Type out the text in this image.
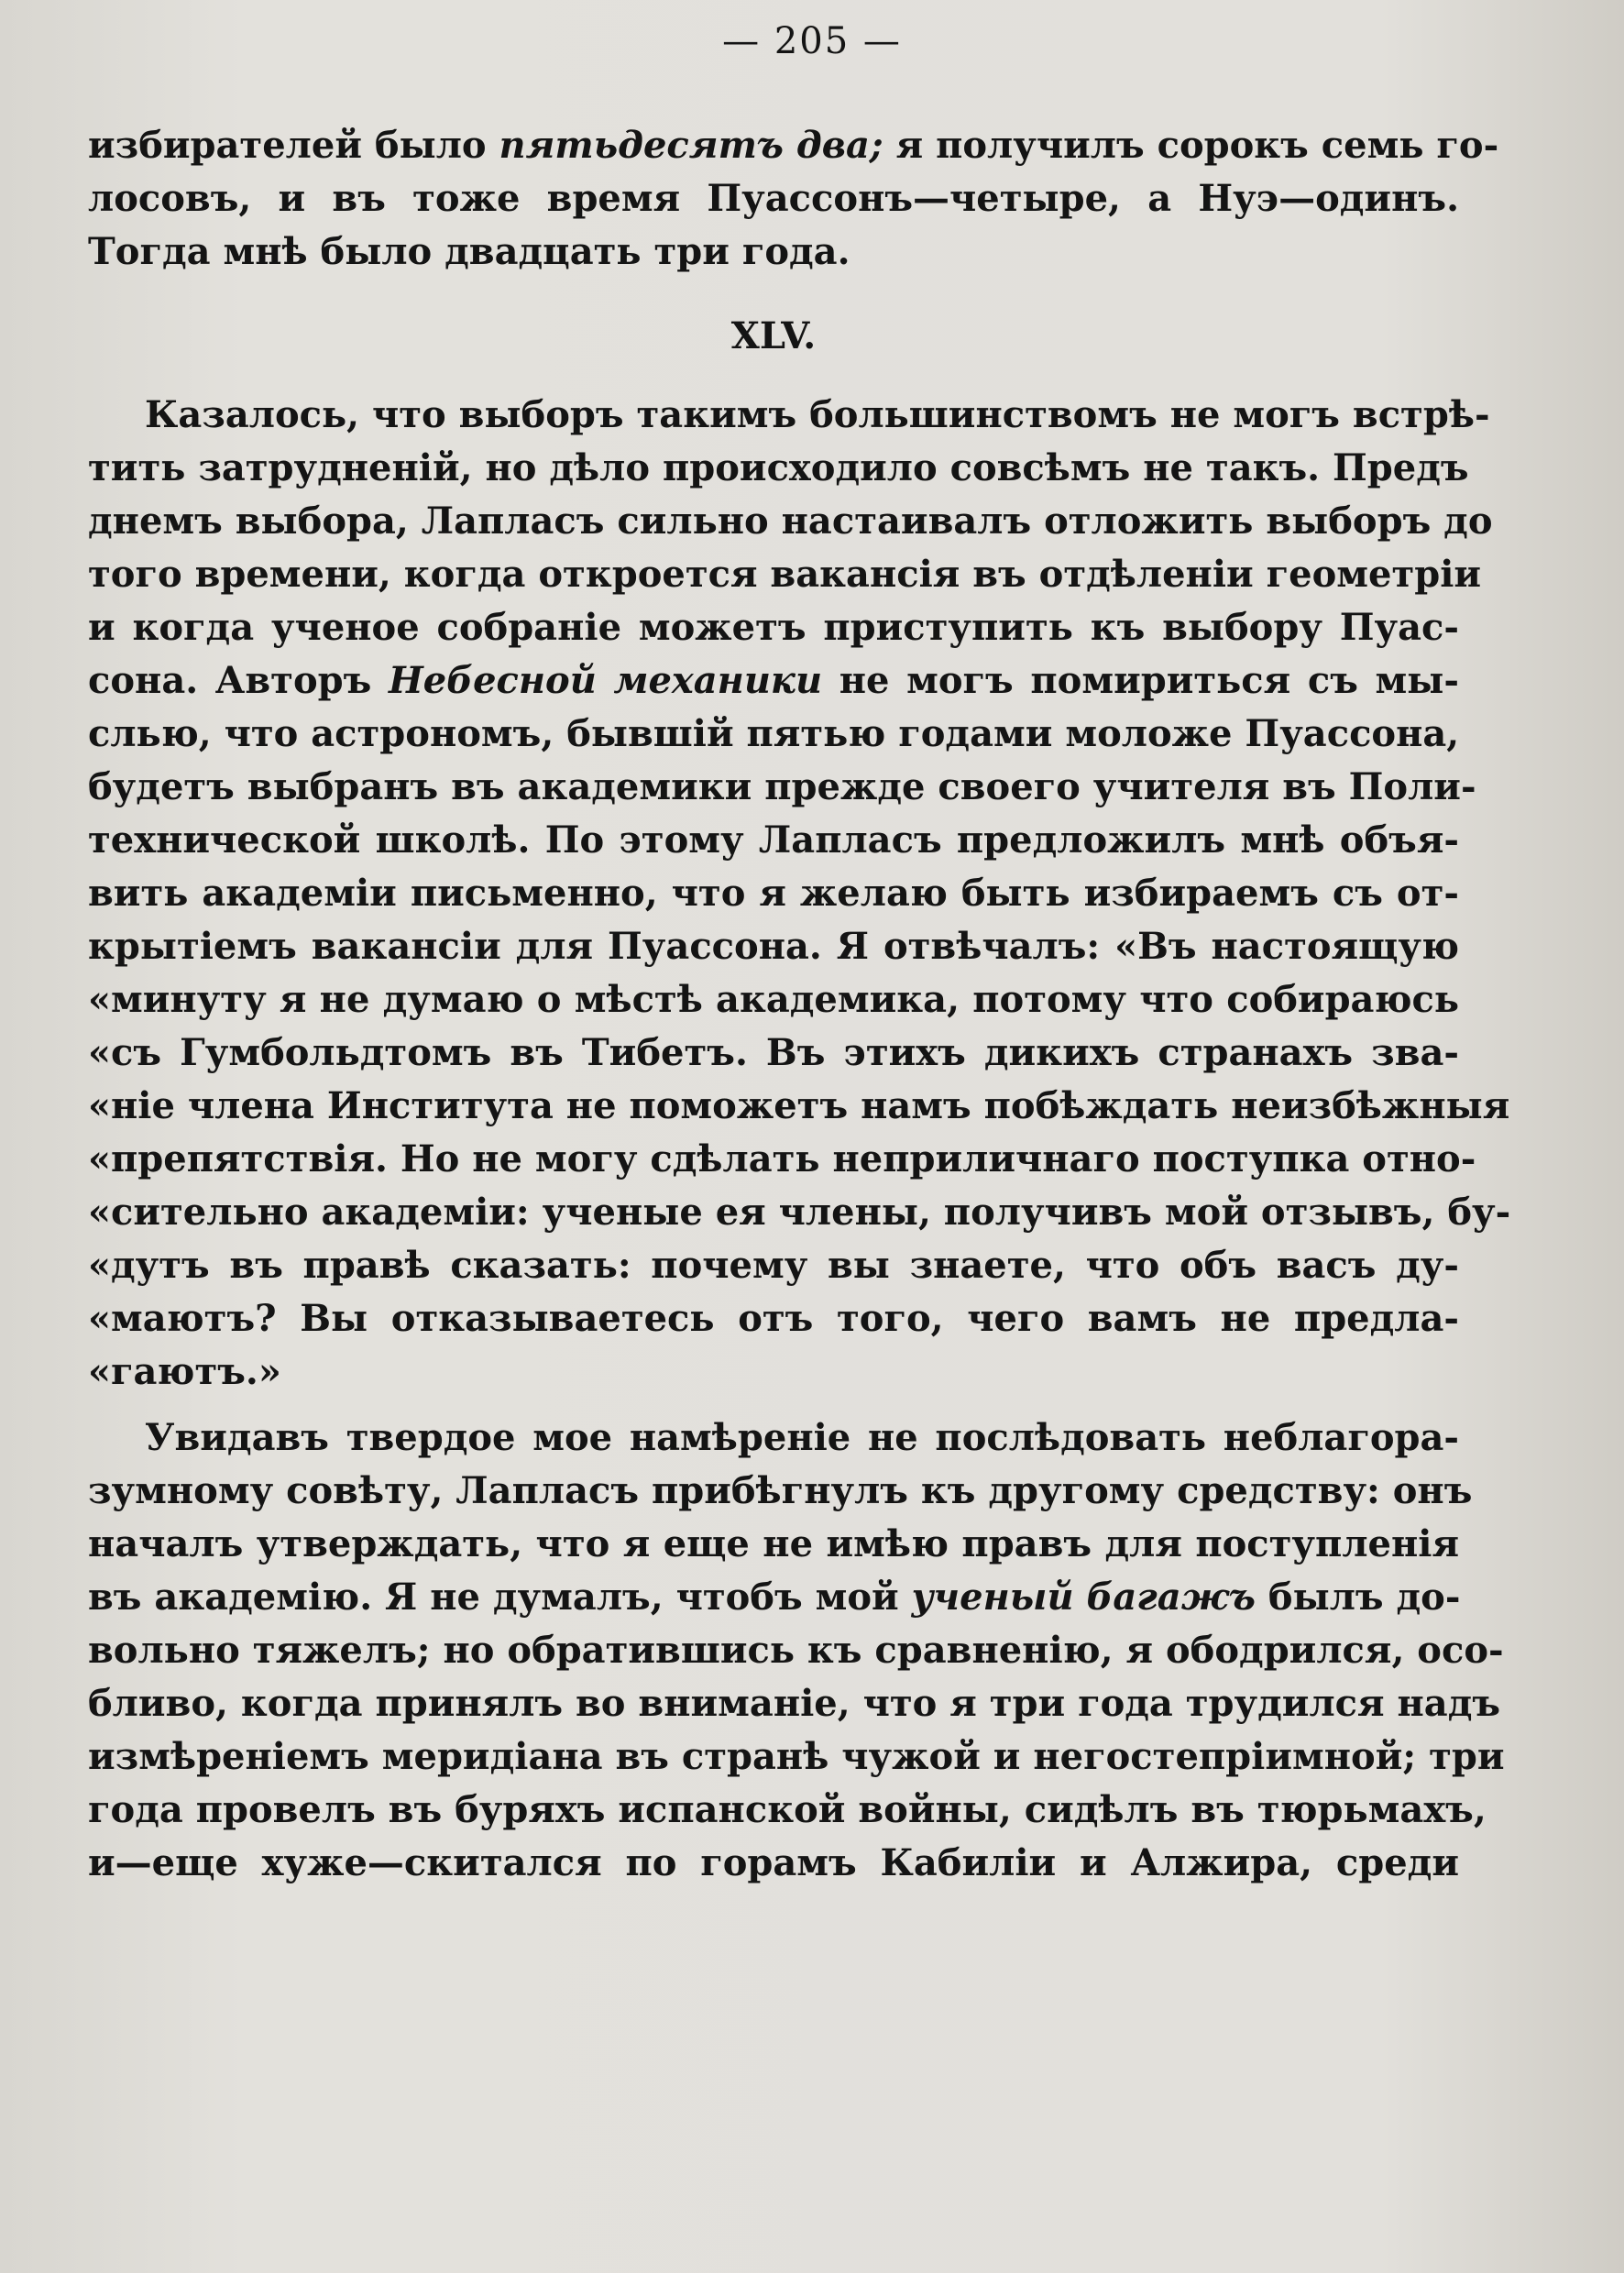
— 205 —
избирателей было пятьдесятъ два; я получилъ сорокъ семь го-
лосовъ, и въ тоже время Пуассонъ—четыре, а Нуэ—одинъ.
Тогда мнѣ было двадцать три года.
XLV.
Казалось, что выборъ такимъ большинствомъ не могъ встрѣ-
тить затрудненій, но дѣло происходило совсѣмъ не такъ. Предъ
днемъ выбора, Лапласъ сильно настаивалъ отложить выборъ до
того времени, когда откроется вакансія въ отдѣленіи геометріи
и когда ученое собраніе можетъ приступить къ выбору Пуас-
сона. Авторъ Небесной механики не могъ помириться съ мы-
слью, что астрономъ, бывшій пятью годами моложе Пуассона,
будетъ выбранъ въ академики прежде своего учителя въ Поли-
технической школѣ. По этому Лапласъ предложилъ мнѣ объя-
вить академіи письменно, что я желаю быть избираемъ съ от-
крытіемъ вакансіи для Пуассона. Я отвѣчалъ: «Въ настоящую
«минуту я не думаю о мѣстѣ академика, потому что собираюсь
«съ Гумбольдтомъ въ Тибетъ. Въ этихъ дикихъ странахъ зва-
«ніе члена Института не поможетъ намъ побѣждать неизбѣжныя
«препятствія. Но не могу сдѣлать неприличнаго поступка отно-
«сительно академіи: ученые ея члены, получивъ мой отзывъ, бу-
«дутъ въ правѣ сказать: почему вы знаете, что объ васъ ду-
«маютъ? Вы отказываетесь отъ того, чего вамъ не предла-
«гаютъ.»
Увидавъ твердое мое намѣреніе не послѣдовать неблагора-
зумному совѣту, Лапласъ прибѣгнулъ къ другому средству: онъ
началъ утверждать, что я еще не имѣю правъ для поступленія
въ академію. Я не думалъ, чтобъ мой ученый багажъ былъ до-
вольно тяжелъ; но обратившись къ сравненію, я ободрился, осо-
бливо, когда принялъ во вниманіе, что я три года трудился надъ
измѣреніемъ меридіана въ странѣ чужой и негостепріимной; три
года провелъ въ буряхъ испанской войны, сидѣлъ въ тюрьмахъ,
и—еще хуже—скитался по горамъ Кабиліи и Алжира, среди
